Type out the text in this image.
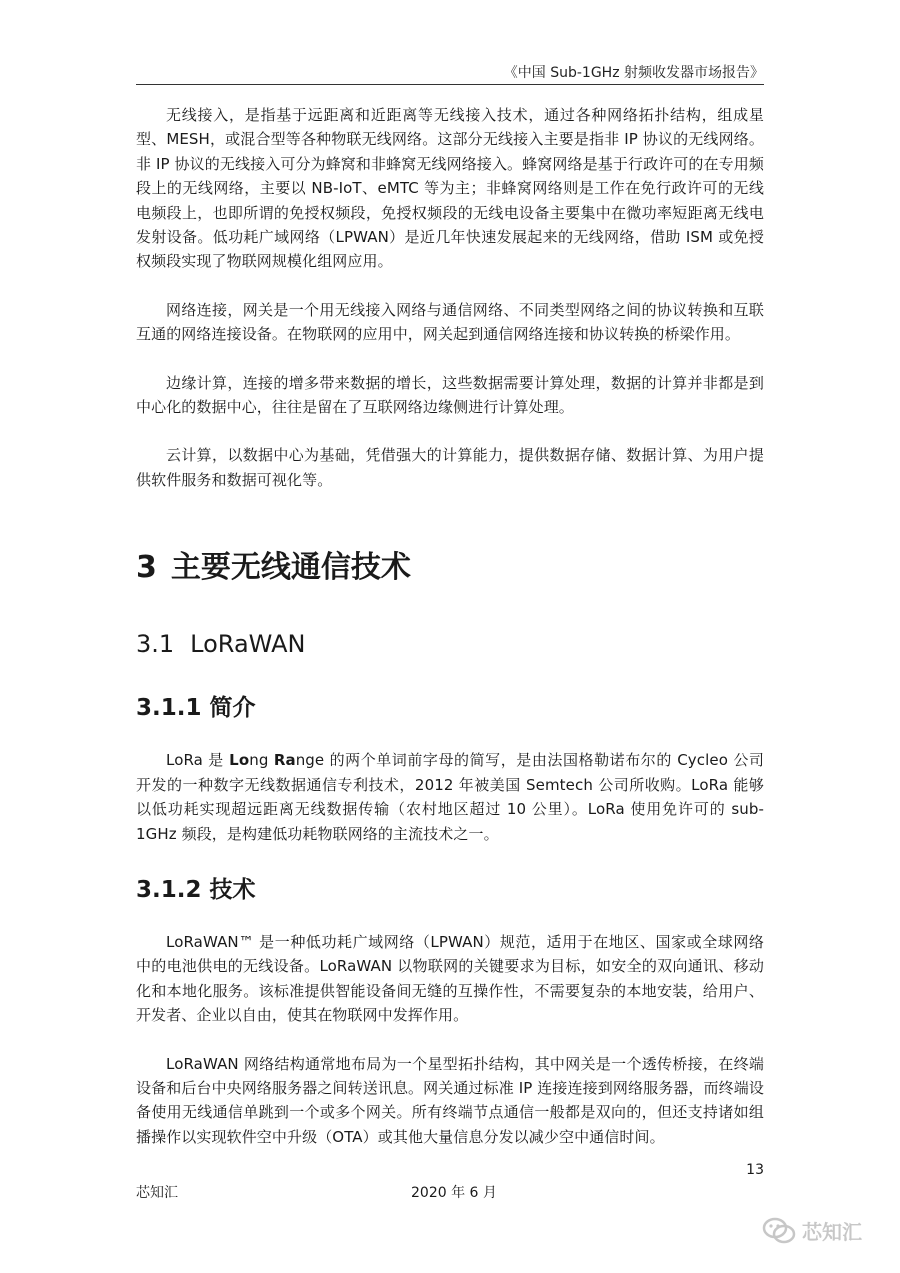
《中国 Sub-1GHz 射频收发器市场报告》

无线接入，是指基于远距离和近距离等无线接入技术，通过各种网络拓扑结构，组成星型、MESH，或混合型等各种物联无线网络。这部分无线接入主要是指非 IP 协议的无线网络。非 IP 协议的无线接入可分为蜂窝和非蜂窝无线网络接入。蜂窝网络是基于行政许可的在专用频段上的无线网络，主要以 NB-IoT、eMTC 等为主；非蜂窝网络则是工作在免行政许可的无线电频段上，也即所谓的免授权频段，免授权频段的无线电设备主要集中在微功率短距离无线电发射设备。低功耗广域网络（LPWAN）是近几年快速发展起来的无线网络，借助 ISM 或免授权频段实现了物联网规模化组网应用。

网络连接，网关是一个用无线接入网络与通信网络、不同类型网络之间的协议转换和互联互通的网络连接设备。在物联网的应用中，网关起到通信网络连接和协议转换的桥梁作用。

边缘计算，连接的增多带来数据的增长，这些数据需要计算处理，数据的计算并非都是到中心化的数据中心，往往是留在了互联网络边缘侧进行计算处理。

云计算，以数据中心为基础，凭借强大的计算能力，提供数据存储、数据计算、为用户提供软件服务和数据可视化等。

3 主要无线通信技术
3.1 LoRaWAN
3.1.1 简介

LoRa 是 Long Range 的两个单词前字母的简写，是由法国格勒诺布尔的 Cycleo 公司开发的一种数字无线数据通信专利技术，2012 年被美国 Semtech 公司所收购。LoRa 能够以低功耗实现超远距离无线数据传输（农村地区超过 10 公里）。LoRa 使用免许可的 sub-1GHz 频段，是构建低功耗物联网络的主流技术之一。

3.1.2 技术

LoRaWAN™ 是一种低功耗广域网络（LPWAN）规范，适用于在地区、国家或全球网络中的电池供电的无线设备。LoRaWAN 以物联网的关键要求为目标，如安全的双向通讯、移动化和本地化服务。该标准提供智能设备间无缝的互操作性，不需要复杂的本地安装，给用户、开发者、企业以自由，使其在物联网中发挥作用。

LoRaWAN 网络结构通常地布局为一个星型拓扑结构，其中网关是一个透传桥接，在终端设备和后台中央网络服务器之间转送讯息。网关通过标准 IP 连接连接到网络服务器，而终端设备使用无线通信单跳到一个或多个网关。所有终端节点通信一般都是双向的，但还支持诸如组播操作以实现软件空中升级（OTA）或其他大量信息分发以减少空中通信时间。

13
芯知汇	2020 年 6 月
芯知汇
